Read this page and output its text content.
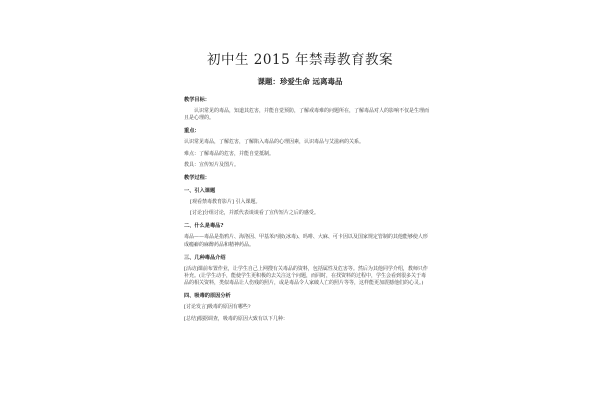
初中生 2015 年禁毒教育教案
课题：珍爱生命 远离毒品
教学目标：
认识常见的毒品，知道其危害，并能自觉预防，了解戒毒难的问题所在，了解毒品对人的影响不仅是生理而且是心理的。
重点：
认识常见毒品，了解危害，了解陷入毒品的心理因素，认识毒品与艾滋病的关系。
难点：了解毒品的危害，并能自觉抵制。
教具：宣传短片及图片。
教学过程：
一、引入课题
[观看禁毒教育影片] 引入课题。
[讨论]分组讨论，并派代表谈谈看了宣传短片之后的感受。
二、什么是毒品?
毒品——毒品是指鸦片、海洛因、甲基苯丙胺(冰毒)、吗啡、大麻、可卡因以及国家规定管制的其他能够使人形成瘾癖的麻醉药品和精神药品。
三、几种毒品介绍
[活动]课前布置作业，让学生自己上网搜有关毒品的资料，包括属性及危害等。然后为其他同学介绍，教师只作补充。(让学生动手，能使学生更积极的去关注这个问题，而同时，在找资料的过程中，学生会看到很多关于毒品的相关资料，类似毒品让人伤残的照片，或是毒品令人家破人亡的照片等等，这样能更加震撼他们的心灵。)
四、吸毒的原因分析
[讨论发言]吸毒的原因有哪些?
[总结]根据调查，吸毒的原因大致有以下几种：
